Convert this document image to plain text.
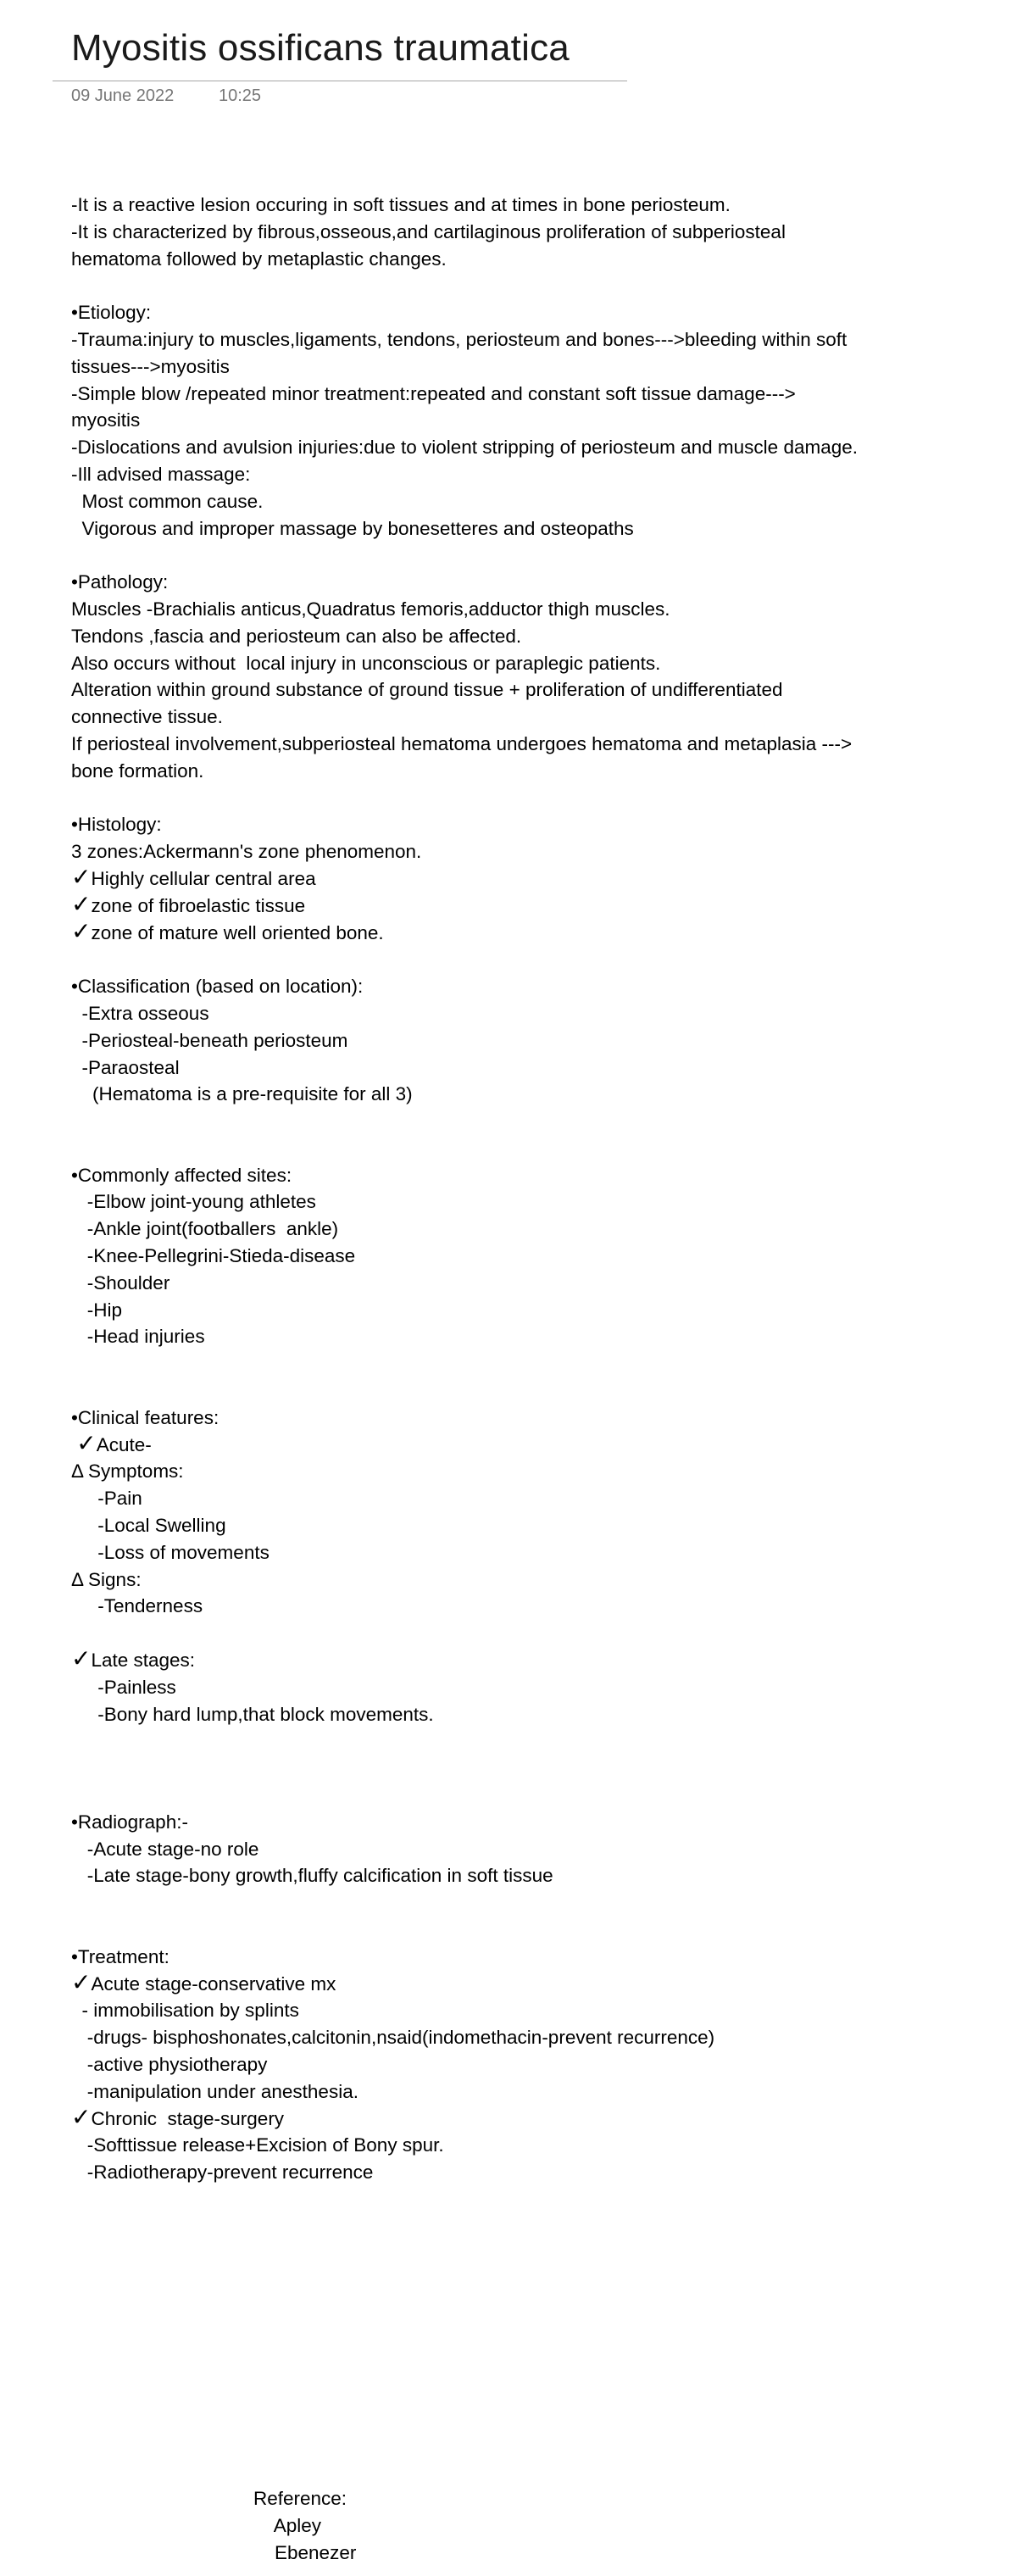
Myositis ossificans traumatica
09 June 2022	10:25

-It is a reactive lesion occuring in soft tissues and at times in bone periosteum.

-It is characterized by fibrous,osseous,and cartilaginous proliferation of subperiosteal

hematoma followed by metaplastic changes.

•Etiology:

-Trauma:injury to muscles,ligaments, tendons, periosteum and bones--->bleeding within soft

tissues--->myositis

-Simple blow /repeated minor treatment:repeated and constant soft tissue damage--->

myositis

-Dislocations and avulsion injuries:due to violent stripping of periosteum and muscle damage.

-Ill advised massage:

Most common cause.

Vigorous and improper massage by bonesetteres and osteopaths

•Pathology:

Muscles -Brachialis anticus,Quadratus femoris,adductor thigh muscles.

Tendons ,fascia and periosteum can also be affected.

Also occurs without  local injury in unconscious or paraplegic patients.

Alteration within ground substance of ground tissue + proliferation of undifferentiated

connective tissue.

If periosteal involvement,subperiosteal hematoma undergoes hematoma and metaplasia --->

bone formation.

•Histology:

3 zones:Ackermann's zone phenomenon.

✓Highly cellular central area

✓zone of fibroelastic tissue

✓zone of mature well oriented bone.

•Classification (based on location):

-Extra osseous

-Periosteal-beneath periosteum

-Paraosteal

(Hematoma is a pre-requisite for all 3)

•Commonly affected sites:

-Elbow joint-young athletes

-Ankle joint(footballers  ankle)

-Knee-Pellegrini-Stieda-disease

-Shoulder

-Hip

-Head injuries

•Clinical features:

✓Acute-

Δ Symptoms:

-Pain

-Local Swelling

-Loss of movements

Δ Signs:

-Tenderness

✓Late stages:

-Painless

-Bony hard lump,that block movements.

•Radiograph:-

-Acute stage-no role

-Late stage-bony growth,fluffy calcification in soft tissue

•Treatment:

✓Acute stage-conservative mx

- immobilisation by splints

-drugs- bisphoshonates,calcitonin,nsaid(indomethacin-prevent recurrence)

-active physiotherapy

-manipulation under anesthesia.

✓Chronic  stage-surgery

-Softtissue release+Excision of Bony spur.

-Radiotherapy-prevent recurrence

Reference:

Apley

Ebenezer
